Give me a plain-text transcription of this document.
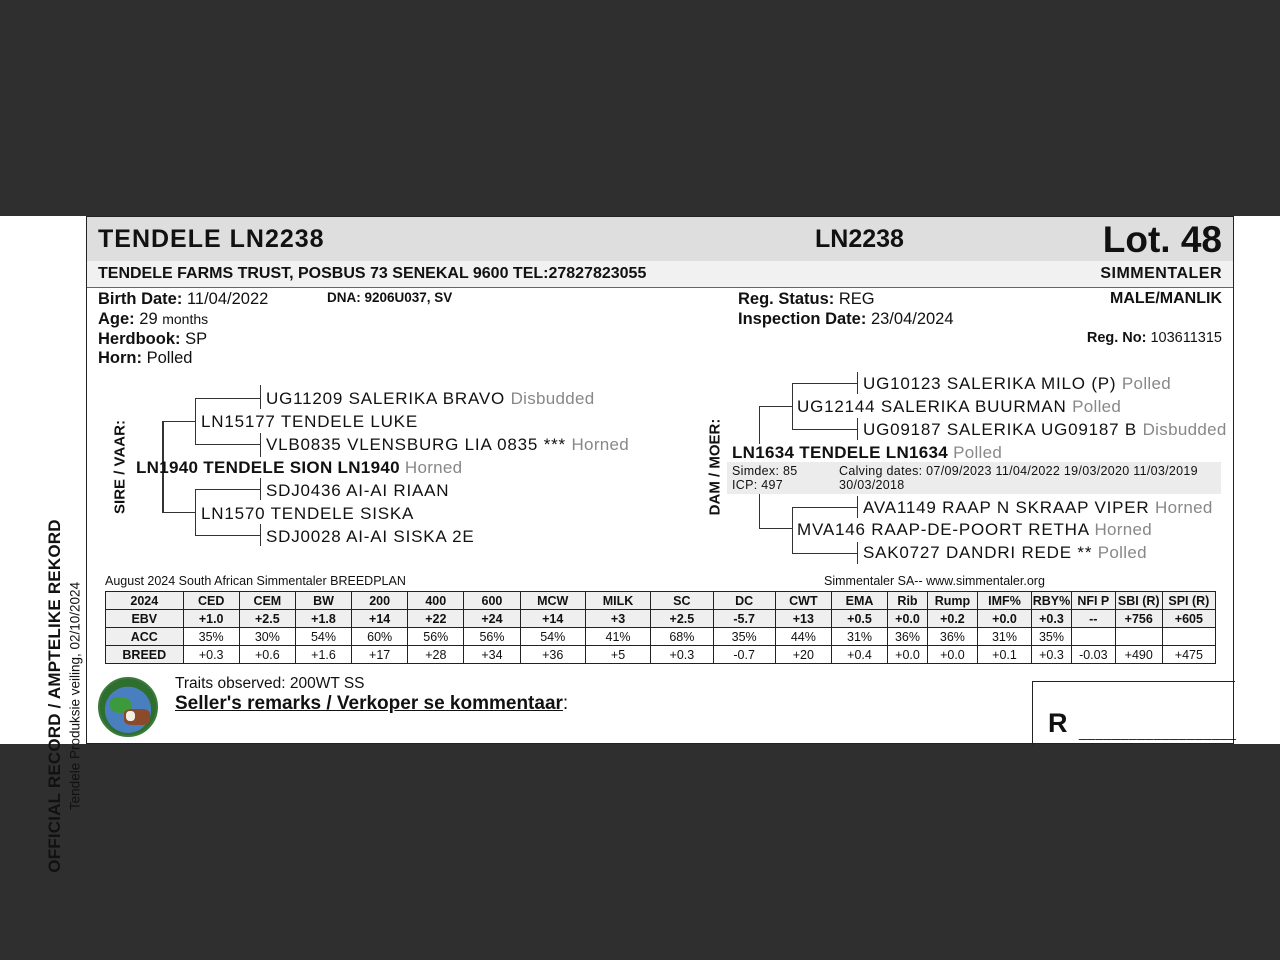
OFFICIAL RECORD / AMPTELIKE REKORD Tendele Produksie veiling, 02/10/2024
TENDELE LN2238	LN2238	Lot. 48
TENDELE FARMS TRUST, POSBUS 73 SENEKAL 9600 TEL:27827823055	SIMMENTALER
Birth Date: 11/04/2022	DNA: 9206U037, SV
Age: 29 months
Herdbook: SP
Horn: Polled
Reg. Status: REG
Inspection Date: 23/04/2024
MALE/MANLIK
Reg. No: 103611315
SIRE / VAAR:
UG11209 SALERIKA BRAVO Disbudded
LN15177 TENDELE LUKE
VLB0835 VLENSBURG LIA 0835 *** Horned
LN1940 TENDELE SION LN1940 Horned
SDJ0436 AI-AI RIAAN
LN1570 TENDELE SISKA
SDJ0028 AI-AI SISKA 2E
DAM / MOER:
UG10123 SALERIKA MILO (P) Polled
UG12144 SALERIKA BUURMAN Polled
UG09187 SALERIKA UG09187 B Disbudded
LN1634 TENDELE LN1634 Polled
Simdex: 85
ICP: 497
Calving dates: 07/09/2023 11/04/2022 19/03/2020 11/03/2019 30/03/2018
AVA1149 RAAP N SKRAAP VIPER Horned
MVA146 RAAP-DE-POORT RETHA Horned
SAK0727 DANDRI REDE ** Polled
August 2024 South African Simmentaler BREEDPLAN	Simmentaler SA-- www.simmentaler.org
2024	CED	CEM	BW	200	400	600	MCW	MILK	SC	DC	CWT	EMA	Rib	Rump	IMF%	RBY%	NFI P	SBI (R)	SPI (R)
EBV	+1.0	+2.5	+1.8	+14	+22	+24	+14	+3	+2.5	-5.7	+13	+0.5	+0.0	+0.2	+0.0	+0.3	--	+756	+605
ACC	35%	30%	54%	60%	56%	56%	54%	41%	68%	35%	44%	31%	36%	36%	31%	35%			
BREED	+0.3	+0.6	+1.6	+17	+28	+34	+36	+5	+0.3	-0.7	+20	+0.4	+0.0	+0.0	+0.1	+0.3	-0.03	+490	+475
Traits observed: 200WT SS
Seller's remarks / Verkoper se kommentaar:
R ___________________
